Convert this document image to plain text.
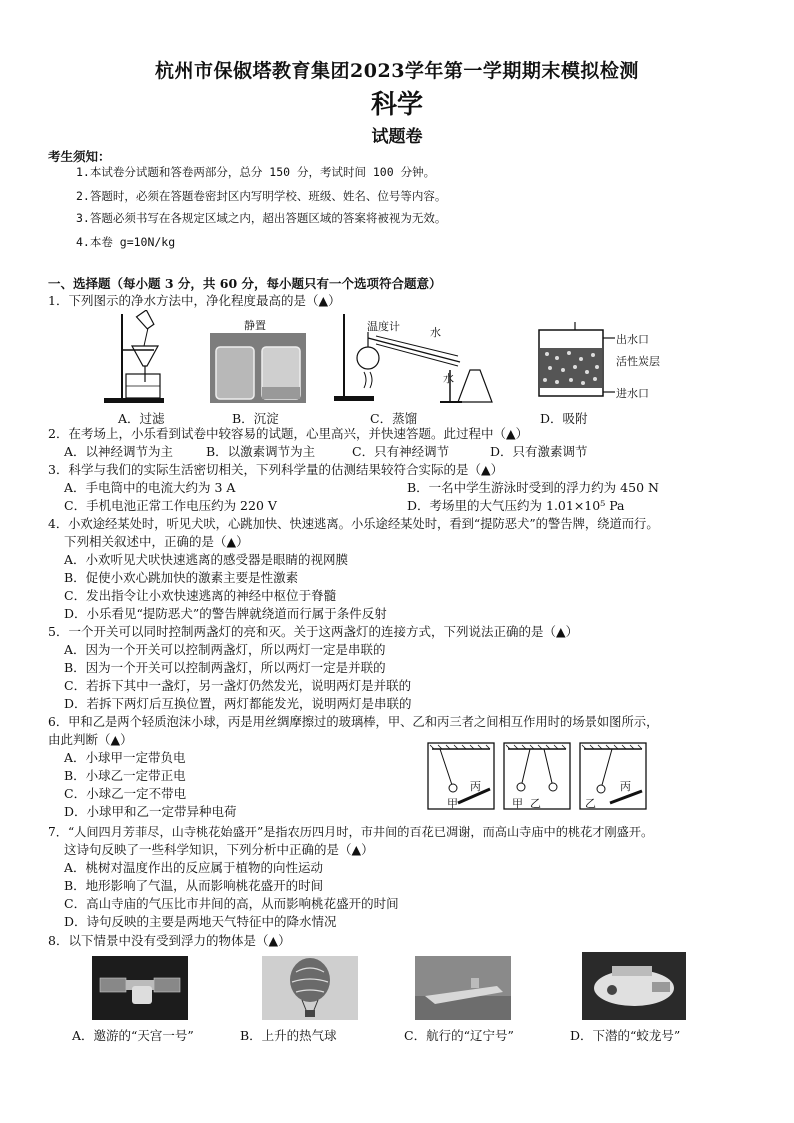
杭州市保俶塔教育集团2023学年第一学期期末模拟检测
科学
试题卷
考生须知：
1.本试卷分试题和答卷两部分，总分 150 分，考试时间 100 分钟。
2.答题时，必须在答题卷密封区内写明学校、班级、姓名、位号等内容。
3.答题必须书写在各规定区域之内，超出答题区域的答案将被视为无效。
4.本卷 g=10N/kg
一、选择题（每小题 3 分，共 60 分，每小题只有一个选项符合题意）
1．下列图示的净水方法中，净化程度最高的是（▲）
静置	温度计	水
水
出水口
活性炭层
进水口
A．过滤	B．沉淀	C．蒸馏	D．吸附
2．在考场上，小乐看到试卷中较容易的试题，心里高兴，并快速答题。此过程中（▲）
A．以神经调节为主	B．以激素调节为主	C．只有神经调节	D．只有激素调节
3．科学与我们的实际生活密切相关，下列科学量的估测结果较符合实际的是（▲）
A．手电筒中的电流大约为 3 A	B．一名中学生游泳时受到的浮力约为 450 N
C．手机电池正常工作电压约为 220 V	D．考场里的大气压约为 1.01×10⁵ Pa
4．小欢途经某处时，听见犬吠，心跳加快、快速逃离。小乐途经某处时，看到“提防恶犬”的警告牌，绕道而行。
下列相关叙述中，正确的是（▲）
A．小欢听见犬吠快速逃离的感受器是眼睛的视网膜
B．促使小欢心跳加快的激素主要是性激素
C．发出指令让小欢快速逃离的神经中枢位于脊髓
D．小乐看见“提防恶犬”的警告牌就绕道而行属于条件反射
5．一个开关可以同时控制两盏灯的亮和灭。关于这两盏灯的连接方式，下列说法正确的是（▲）
A．因为一个开关可以控制两盏灯，所以两灯一定是串联的
B．因为一个开关可以控制两盏灯，所以两灯一定是并联的
C．若拆下其中一盏灯，另一盏灯仍然发光，说明两灯是并联的
D．若拆下两灯后互换位置，两灯都能发光，说明两灯是串联的
6．甲和乙是两个轻质泡沫小球，丙是用丝绸摩擦过的玻璃棒，甲、乙和丙三者之间相互作用时的场景如图所示，
由此判断（▲）
A．小球甲一定带负电
B．小球乙一定带正电
C．小球乙一定不带电
D．小球甲和乙一定带异种电荷
甲
丙
甲 乙	乙
丙
7．“人间四月芳菲尽，山寺桃花始盛开”是指农历四月时，市井间的百花已凋谢，而高山寺庙中的桃花才刚盛开。
这诗句反映了一些科学知识，下列分析中正确的是（▲）
A．桃树对温度作出的反应属于植物的向性运动
B．地形影响了气温，从而影响桃花盛开的时间
C．高山寺庙的气压比市井间的高，从而影响桃花盛开的时间
D．诗句反映的主要是两地天气特征中的降水情况
8．以下情景中没有受到浮力的物体是（▲）
A．邀游的“天宫一号”	B．上升的热气球	C．航行的“辽宁号”	D．下潜的“蛟龙号”
